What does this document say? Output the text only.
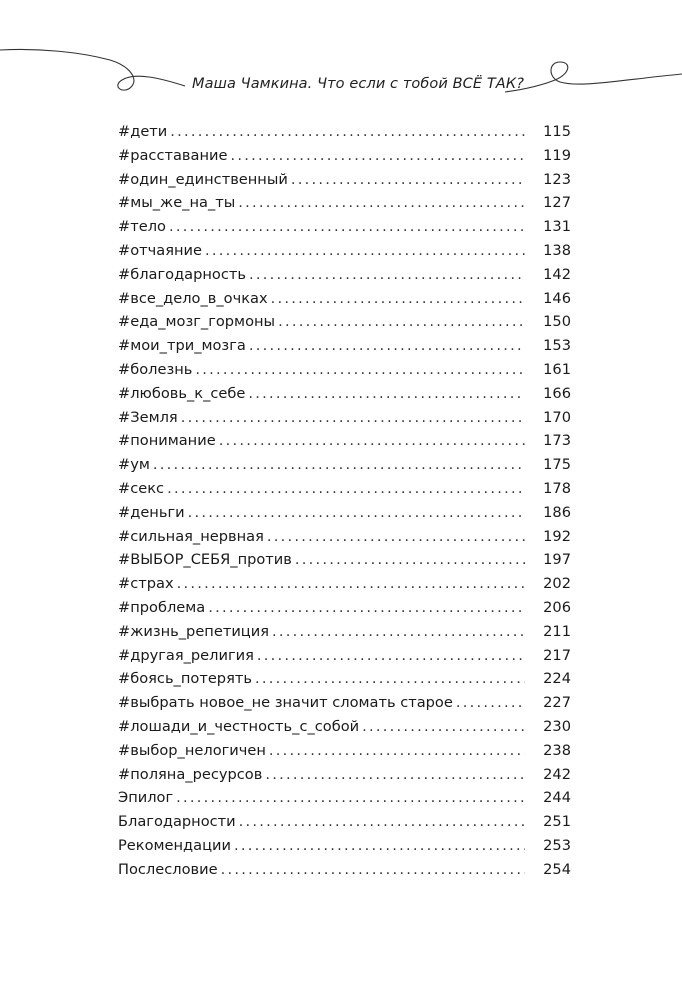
Маша Чамкина. Что если с тобой ВСЁ ТАК?
#дети . . .	115
#расставание . . .	119
#один_единственный . . .	123
#мы_же_на_ты . . .	127
#тело . . .	131
#отчаяние . . .	138
#благодарность . . .	142
#все_дело_в_очках . . .	146
#еда_мозг_гормоны . . .	150
#мои_три_мозга . . .	153
#болезнь . . .	161
#любовь_к_себе . . .	166
#Земля . . .	170
#понимание . . .	173
#ум . . .	175
#секс . . .	178
#деньги . . .	186
#сильная_нервная . . .	192
#ВЫБОР_СЕБЯ_против . . .	197
#страх . . .	202
#проблема . . .	206
#жизнь_репетиция . . .	211
#другая_религия . . .	217
#боясь_потерять . . .	224
#выбрать новое_не значит сломать старое . . .	227
#лошади_и_честность_с_собой . . .	230
#выбор_нелогичен . . .	238
#поляна_ресурсов . . .	242
Эпилог . . .	244
Благодарности . . .	251
Рекомендации . . .	253
Послесловие . . .	254
